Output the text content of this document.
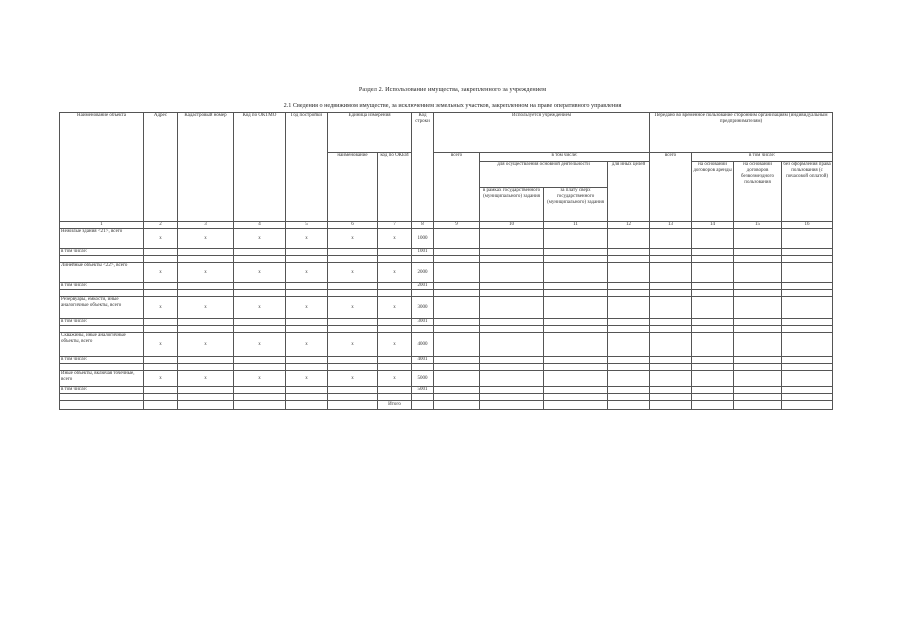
Раздел 2. Использование имущества, закрепленного за учреждением
2.1 Сведения о недвижимом имуществе, за исключением земельных участков, закрепленном на праве оперативного управления
Наименование объекта	Адрес	Кадастровый номер	Код по ОКТМО	Год постройки	Единица измерения		Код строки	Используется учреждением				Передано во временное пользование сторонним организациям (индивидуальным предпринимателям)			
					наименование	код по ОКЕИ		всего	в том числе:			всего	в том числе:		
									для осуществления основной деятельности		для иных целей		на основании договоров аренды	на основании договоров безвозмездного пользования	без оформления права пользования (с почасовой оплатой)
									в рамках государственного (муниципального) задания	за плату сверх государственного (муниципального) задания					
1	2	3	4	5	6	7	8	9	10	11	12	13	14	15	16
Нежилые здания <21>, всего	х	х	х	х	х	х	1000								
в том числе:							1001								

Линейные объекты <22>, всего	х	х	х	х	х	х	2000								
в том числе:							2001								

Резервуары, емкости, иные аналогичные объекты, всего	х	х	х	х	х	х	3000								
в том числе:							3001								

Скважины, иные аналогичные объекты, всего	х	х	х	х	х	х	4000								
в том числе:							4001								

Иные объекты, включая точечные, всего	х	х	х	х	х	х	5000								
в том числе:							5001								

						Итого									
